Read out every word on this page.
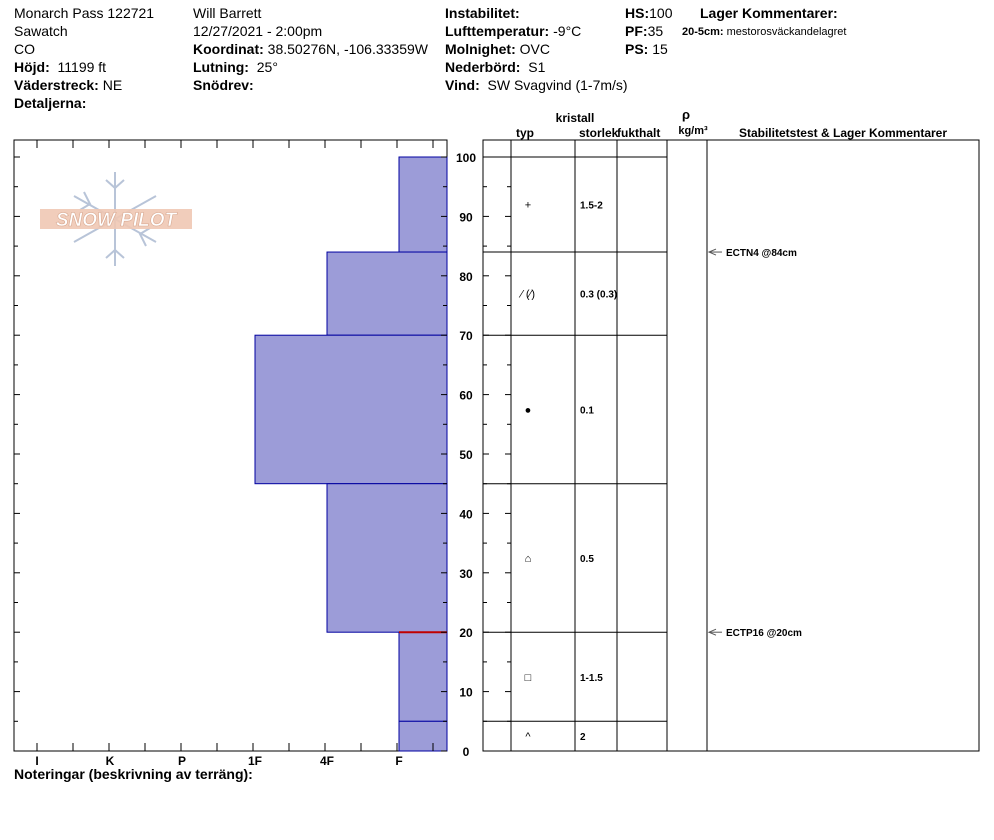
Monarch Pass 122721
Sawatch
CO
Höjd: 11199 ft
Väderstreck: NE
Detaljerna:
Will Barrett
12/27/2021 - 2:00pm
Koordinat: 38.50276N, -106.33359W
Lutning: 25°
Snödrev:
Instabilitet:
Lufttemperatur: -9°C
Molnighet: OVC
Nederbörd: S1
Vind: SW Svagvind (1-7m/s)
HS:100
PF:35
PS: 15
Lager Kommentarer:
20-5cm: mestorosväckandelagret
SNOW PILOT
I	K	P	1F	4F	F
0
10
20
30
40
50
60
70
80
90
100
kristall
typ	storlek
fukthalt
ρ
kg/m³	Stabilitetstest & Lager Kommentarer
+	1.5-2
⁄ (⁄)	0.3 (0.3)
●	0.1
⌂	0.5
□	1-1.5
^	2
ECTN4 @84cm
ECTP16 @20cm
Noteringar (beskrivning av terräng):
